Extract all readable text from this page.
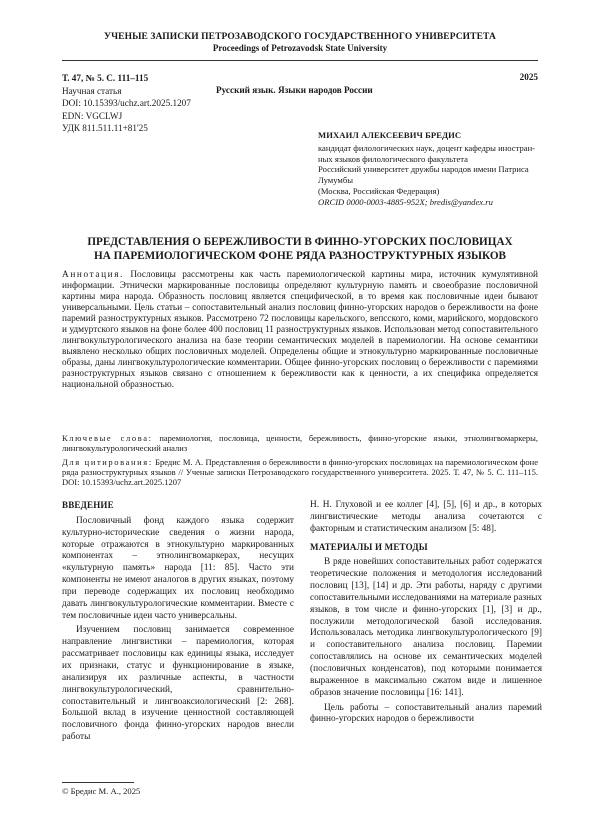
УЧЕНЫЕ ЗАПИСКИ ПЕТРОЗАВОДСКОГО ГОСУДАРСТВЕННОГО УНИВЕРСИТЕТА
Proceedings of Petrozavodsk State University
Т. 47, № 5. С. 111–115
Научная статья
DOI: 10.15393/uchz.art.2025.1207
EDN: VGCLWJ
УДК 811.511.11+81'25
2025
Русский язык. Языки народов России
МИХАИЛ АЛЕКСЕЕВИЧ БРЕДИС
кандидат филологических наук, доцент кафедры иностран-
ных языков филологического факультета
Российский университет дружбы народов имени Патриса
Лумумбы
(Москва, Российская Федерация)
ORCID 0000-0003-4885-952X; bredis@yandex.ru
ПРЕДСТАВЛЕНИЯ О БЕРЕЖЛИВОСТИ В ФИННО-УГОРСКИХ ПОСЛОВИЦАХ
НА ПАРЕМИОЛОГИЧЕСКОМ ФОНЕ РЯДА РАЗНОСТРУКТУРНЫХ ЯЗЫКОВ
Аннотация. Пословицы рассмотрены как часть паремиологической картины мира, источник кумулятивной информации. Этнически маркированные пословицы определяют культурную память и своеобразие пословичной картины мира народа. Образность пословиц является специфической, в то время как пословичные идеи бывают универсальными. Цель статьи – сопоставительный анализ пословиц финно-угорских народов о бережливости на фоне паремий разноструктурных языков. Рассмотрено 72 пословицы карельского, вепсского, коми, марийского, мордовского и удмуртского языков на фоне более 400 пословиц 11 разноструктурных языков. Использован метод сопоставительного лингвокультурологического анализа на базе теории семантических моделей в паремиологии. На основе семантики выявлено несколько общих пословичных моделей. Определены общие и этнокультурно маркированные пословичные образы, даны лингвокультурологические комментарии. Общее финно-угорских пословиц о бережливости с паремиями разноструктурных языков связано с отношением к бережливости как к ценности, а их специфика определяется национальной образностью.
Ключевые слова: паремиология, пословица, ценности, бережливость, финно-угорские языки, этнолингвомаркеры, лингвокультурологический анализ
Для цитирования: Бредис М. А. Представления о бережливости в финно-угорских пословицах на паремиологическом фоне ряда разноструктурных языков // Ученые записки Петрозаводского государственного университета. 2025. Т. 47, № 5. С. 111–115. DOI: 10.15393/uchz.art.2025.1207
ВВЕДЕНИЕ

Пословичный фонд каждого языка содержит культурно-исторические сведения о жизни народа, которые отражаются в этнокультурно маркированных компонентах – этнолингвомаркерах, несущих «культурную память» народа [11: 85]. Часто эти компоненты не имеют аналогов в других языках, поэтому при переводе содержащих их пословиц необходимо давать лингвокультурологические комментарии. Вместе с тем пословичные идеи часто универсальны.

Изучением пословиц занимается современное направление лингвистики – паремиология, которая рассматривает пословицы как единицы языка, исследует их признаки, статус и функционирование в языке, анализируя их различные аспекты, в частности лингвокультурологический, сравнительно-сопоставительный и лингвоаксиологический [2: 268]. Большой вклад в изучение ценностной составляющей пословичного фонда финно-угорских народов внесли работы

Н. Н. Глуховой и ее коллег [4], [5], [6] и др., в которых лингвистические методы анализа сочетаются с факторным и статистическим анализом [5: 48].

МАТЕРИАЛЫ И МЕТОДЫ

В ряде новейших сопоставительных работ содержатся теоретические положения и методология исследований пословиц [13], [14] и др. Эти работы, наряду с другими сопоставительными исследованиями на материале разных языков, в том числе и финно-угорских [1], [3] и др., послужили методологической базой исследования. Использовалась методика лингвокультурологического [9] и сопоставительного анализа пословиц. Паремии сопоставлялись на основе их семантических моделей (пословичных конденсатов), под которыми понимается выраженное в максимально сжатом виде и лишенное образов значение пословицы [16: 141].

Цель работы – сопоставительный анализ паремий финно-угорских народов о бережливости

© Бредис М. А., 2025
